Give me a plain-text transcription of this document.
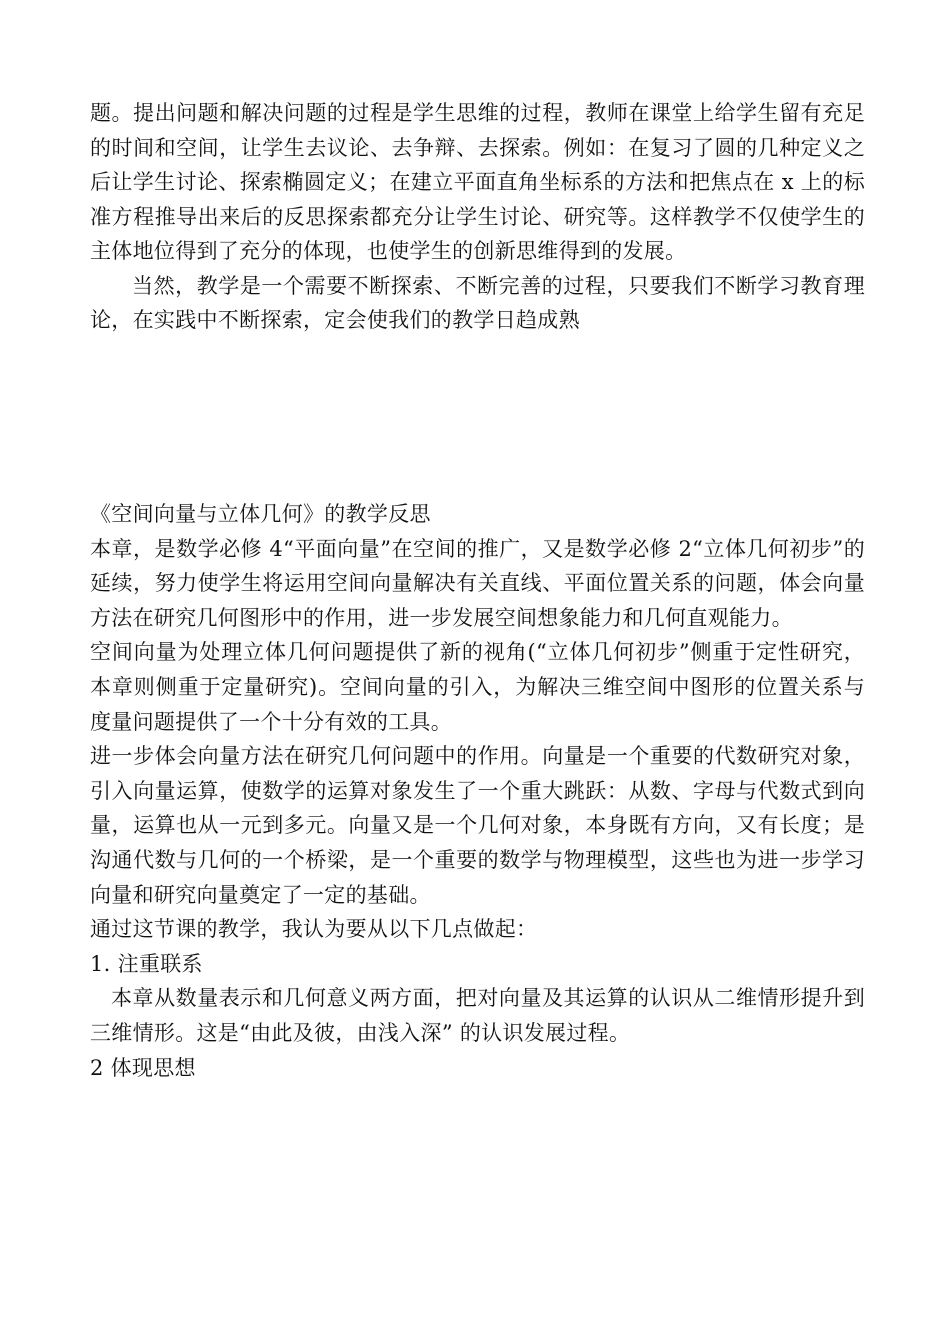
题。提出问题和解决问题的过程是学生思维的过程，教师在课堂上给学生留有充足的时间和空间，让学生去议论、去争辩、去探索。例如：在复习了圆的几种定义之后让学生讨论、探索椭圆定义；在建立平面直角坐标系的方法和把焦点在 x 上的标准方程推导出来后的反思探索都充分让学生讨论、研究等。这样教学不仅使学生的主体地位得到了充分的体现，也使学生的创新思维得到的发展。

当然，教学是一个需要不断探索、不断完善的过程，只要我们不断学习教育理论，在实践中不断探索，定会使我们的教学日趋成熟

《空间向量与立体几何》的教学反思

本章，是数学必修 4“平面向量”在空间的推广，又是数学必修 2“立体几何初步”的延续，努力使学生将运用空间向量解决有关直线、平面位置关系的问题，体会向量方法在研究几何图形中的作用，进一步发展空间想象能力和几何直观能力。

空间向量为处理立体几何问题提供了新的视角(“立体几何初步”侧重于定性研究，本章则侧重于定量研究)。空间向量的引入，为解决三维空间中图形的位置关系与度量问题提供了一个十分有效的工具。

进一步体会向量方法在研究几何问题中的作用。向量是一个重要的代数研究对象，引入向量运算，使数学的运算对象发生了一个重大跳跃：从数、字母与代数式到向量，运算也从一元到多元。向量又是一个几何对象，本身既有方向，又有长度；是沟通代数与几何的一个桥梁，是一个重要的数学与物理模型，这些也为进一步学习向量和研究向量奠定了一定的基础。

通过这节课的教学，我认为要从以下几点做起：

1. 注重联系

本章从数量表示和几何意义两方面，把对向量及其运算的认识从二维情形提升到三维情形。这是“由此及彼，由浅入深” 的认识发展过程。

2 体现思想
